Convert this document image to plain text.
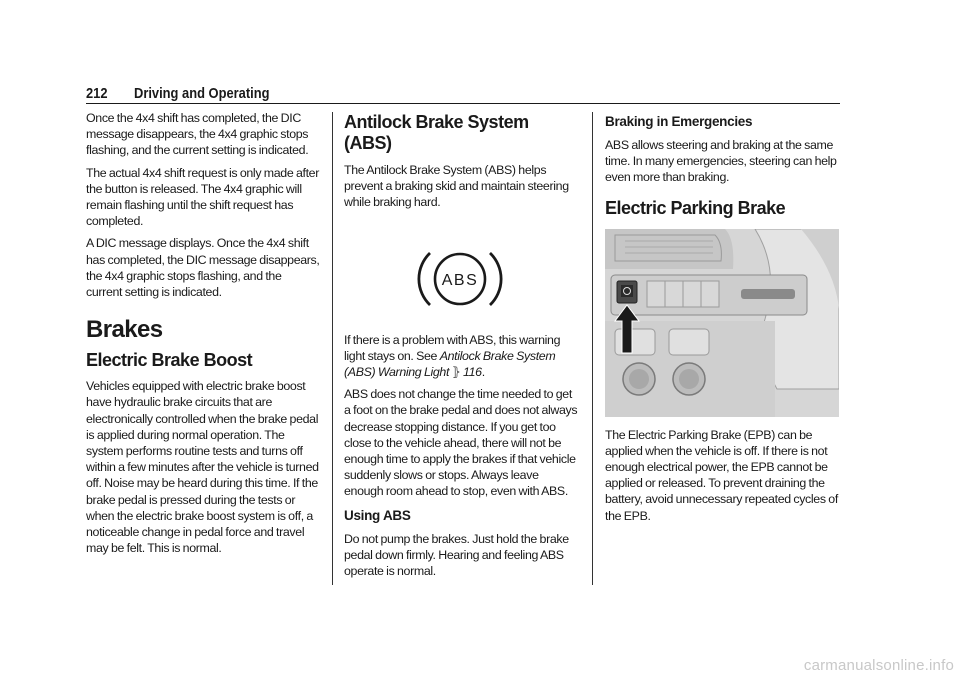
212 Driving and Operating

Once the 4x4 shift has completed, the DIC message disappears, the 4x4 graphic stops flashing, and the current setting is indicated.

The actual 4x4 shift request is only made after the button is released. The 4x4 graphic will remain flashing until the shift request has completed.

A DIC message displays. Once the 4x4 shift has completed, the DIC message disappears, the 4x4 graphic stops flashing, and the current setting is indicated.

Brakes
Electric Brake Boost

Vehicles equipped with electric brake boost have hydraulic brake circuits that are electronically controlled when the brake pedal is applied during normal operation. The system performs routine tests and turns off within a few minutes after the vehicle is turned off. Noise may be heard during this time. If the brake pedal is pressed during the tests or when the electric brake boost system is off, a noticeable change in pedal force and travel may be felt. This is normal.

Antilock Brake System (ABS)

The Antilock Brake System (ABS) helps prevent a braking skid and maintain steering while braking hard.

ABS

If there is a problem with ABS, this warning light stays on. See Antilock Brake System (ABS) Warning Light ⦄ 116.

ABS does not change the time needed to get a foot on the brake pedal and does not always decrease stopping distance. If you get too close to the vehicle ahead, there will not be enough time to apply the brakes if that vehicle suddenly slows or stops. Always leave enough room ahead to stop, even with ABS.

Using ABS

Do not pump the brakes. Just hold the brake pedal down firmly. Hearing and feeling ABS operate is normal.

Braking in Emergencies

ABS allows steering and braking at the same time. In many emergencies, steering can help even more than braking.

Electric Parking Brake

The Electric Parking Brake (EPB) can be applied when the vehicle is off. If there is not enough electrical power, the EPB cannot be applied or released. To prevent draining the battery, avoid unnecessary repeated cycles of the EPB.

carmanualsonline.info
